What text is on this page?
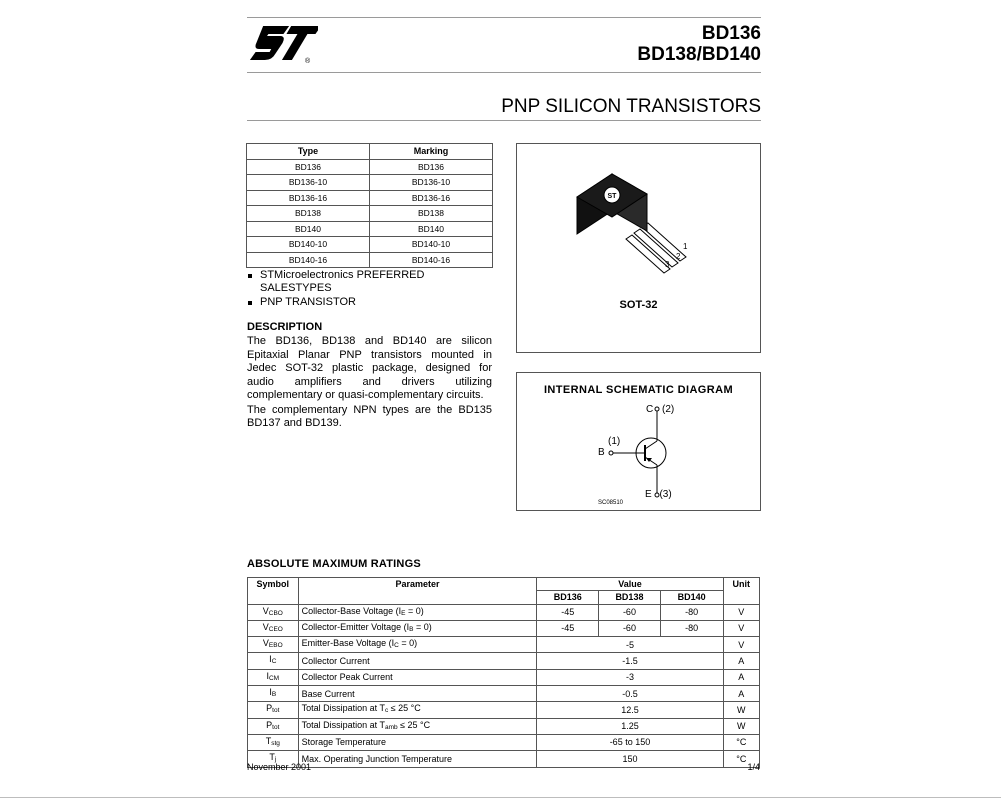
®
BD136
BD138/BD140
PNP SILICON TRANSISTORS
Type	Marking
BD136	BD136
BD136-10	BD136-10
BD136-16	BD136-16
BD138	BD138
BD140	BD140
BD140-10	BD140-10
BD140-16	BD140-16
STMicroelectronics PREFERRED SALESTYPES
PNP TRANSISTOR
DESCRIPTION

The BD136, BD138 and BD140 are silicon Epitaxial Planar PNP transistors mounted in Jedec SOT-32 plastic package, designed for audio amplifiers and drivers utilizing complementary or quasi-complementary circuits.

The complementary NPN types are the BD135 BD137 and BD139.

ST
1
2
3
SOT-32
INTERNAL SCHEMATIC DIAGRAM
C (2)
(1)
B
E (3)
SC08510
ABSOLUTE MAXIMUM RATINGS
Symbol	Parameter	Value			Unit
		BD136	BD138	BD140	
$V_{CBO}$	Collector-Base Voltage $(I_E = 0)$	-45	-60	-80	V
$V_{CEO}$	Collector-Emitter Voltage $(I_B = 0)$	-45	-60	-80	V
$V_{EBO}$	Emitter-Base Voltage $(I_C = 0)$	-5			V
$I_C$	Collector Current	-1.5			A
$I_{CM}$	Collector Peak Current	-3			A
$I_B$	Base Current	-0.5			A
$P_{tot}$	Total Dissipation at $T_c \le 25$ °C	12.5			W
$P_{tot}$	Total Dissipation at $T_{amb} \le 25$ °C	1.25			W
$T_{stg}$	Storage Temperature	-65 to 150			°C
$T_j$	Max. Operating Junction Temperature	150			°C
November 2001	1/4
